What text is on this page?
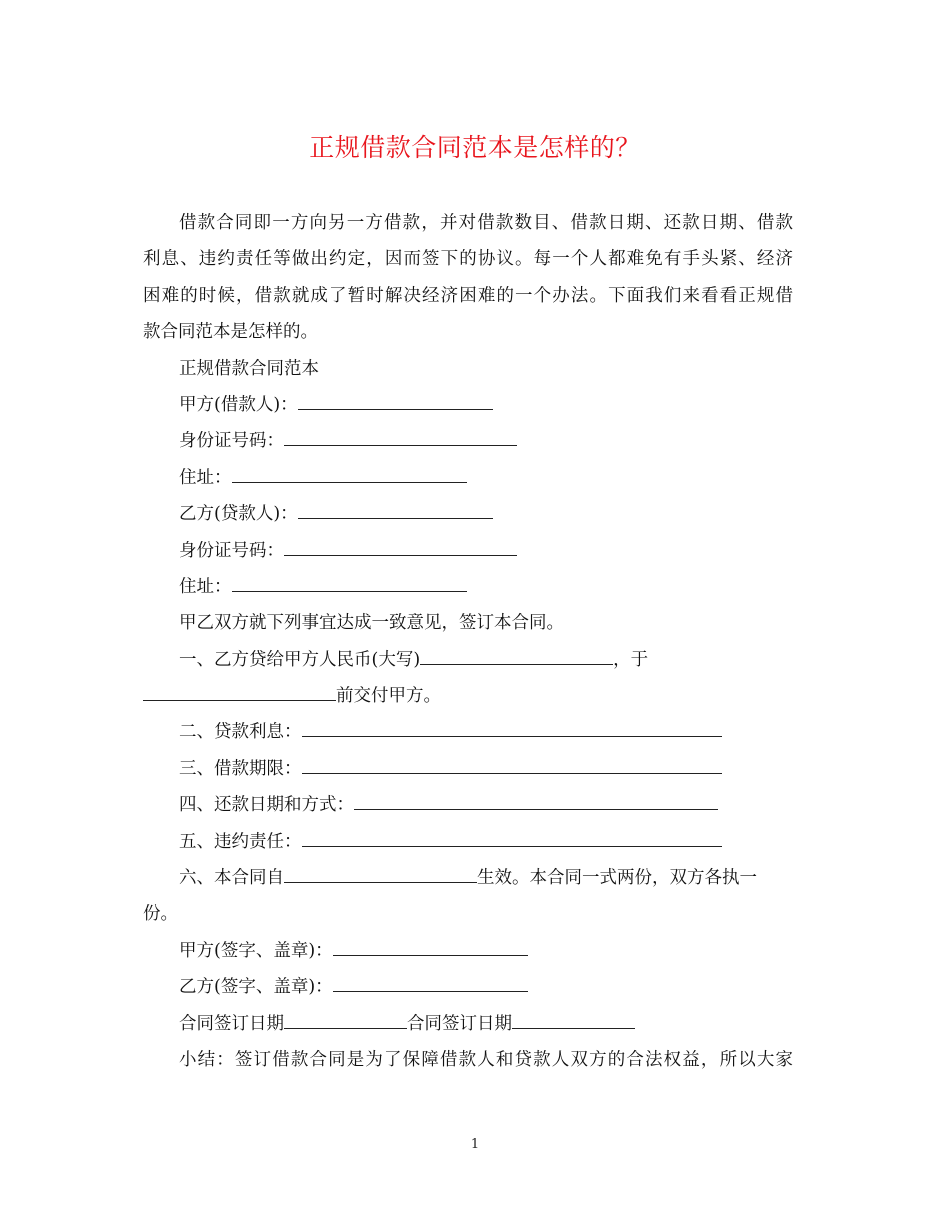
正规借款合同范本是怎样的？
借款合同即一方向另一方借款，并对借款数目、借款日期、还款日期、借款
利息、违约责任等做出约定，因而签下的协议。每一个人都难免有手头紧、经济
困难的时候，借款就成了暂时解决经济困难的一个办法。下面我们来看看正规借
款合同范本是怎样的。
正规借款合同范本
甲方(借款人)：
身份证号码：
住址：
乙方(贷款人)：
身份证号码：
住址：
甲乙双方就下列事宜达成一致意见，签订本合同。
一、乙方贷给甲方人民币(大写)	，于
前交付甲方。
二、贷款利息：
三、借款期限：
四、还款日期和方式：
五、违约责任：
六、本合同自	生效。本合同一式两份，双方各执一
份。
甲方(签字、盖章)：
乙方(签字、盖章)：
合同签订日期	合同签订日期
小结：签订借款合同是为了保障借款人和贷款人双方的合法权益，所以大家
1
